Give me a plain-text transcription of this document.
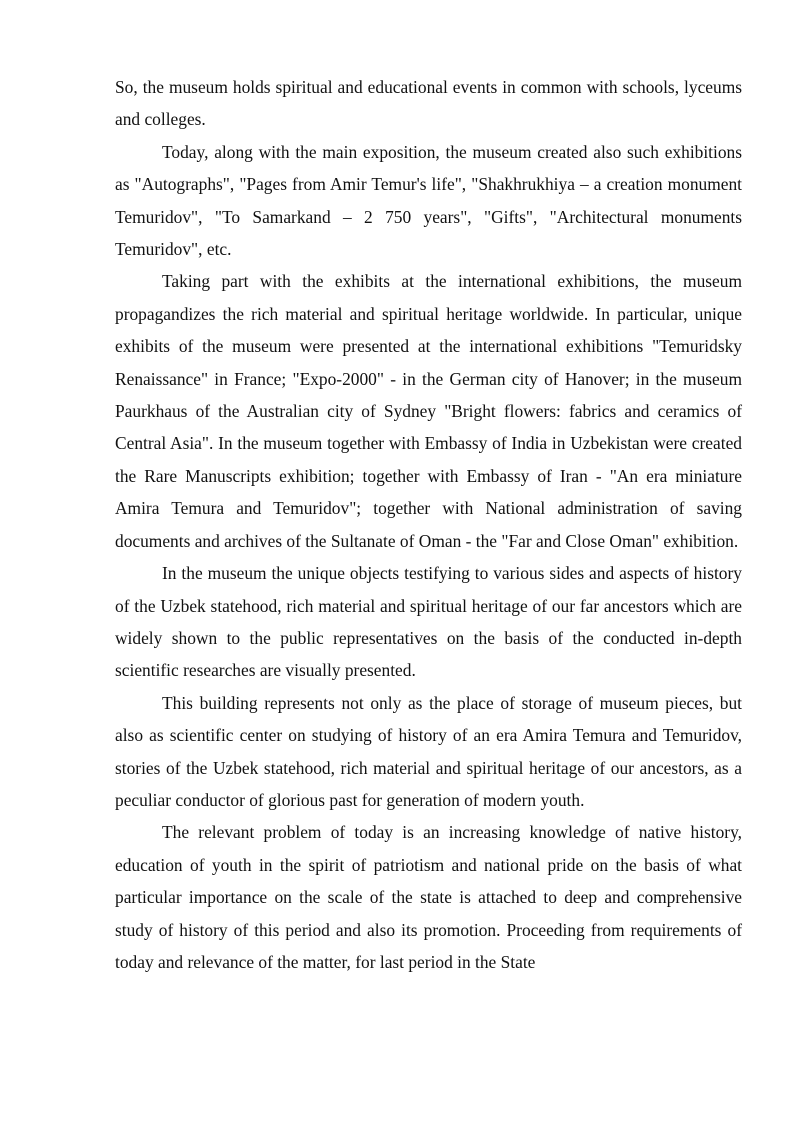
So, the museum holds spiritual and educational events in common with schools, lyceums and colleges.

Today, along with the main exposition, the museum created also such exhibitions as "Autographs", "Pages from Amir Temur's life", "Shakhrukhiya – a creation monument Temuridov", "To Samarkand – 2 750 years", "Gifts", "Architectural monuments Temuridov", etc.

Taking part with the exhibits at the international exhibitions, the museum propagandizes the rich material and spiritual heritage worldwide. In particular, unique exhibits of the museum were presented at the international exhibitions "Temuridsky Renaissance" in France; "Expo-2000" - in the German city of Hanover; in the museum Paurkhaus of the Australian city of Sydney "Bright flowers: fabrics and ceramics of Central Asia". In the museum together with Embassy of India in Uzbekistan were created the Rare Manuscripts exhibition; together with Embassy of Iran - "An era miniature Amira Temura and Temuridov"; together with National administration of saving documents and archives of the Sultanate of Oman - the "Far and Close Oman" exhibition.

In the museum the unique objects testifying to various sides and aspects of history of the Uzbek statehood, rich material and spiritual heritage of our far ancestors which are widely shown to the public representatives on the basis of the conducted in-depth scientific researches are visually presented.

This building represents not only as the place of storage of museum pieces, but also as scientific center on studying of history of an era Amira Temura and Temuridov, stories of the Uzbek statehood, rich material and spiritual heritage of our ancestors, as a peculiar conductor of glorious past for generation of modern youth.

The relevant problem of today is an increasing knowledge of native history, education of youth in the spirit of patriotism and national pride on the basis of what particular importance on the scale of the state is attached to deep and comprehensive study of history of this period and also its promotion. Proceeding from requirements of today and relevance of the matter, for last period in the State
